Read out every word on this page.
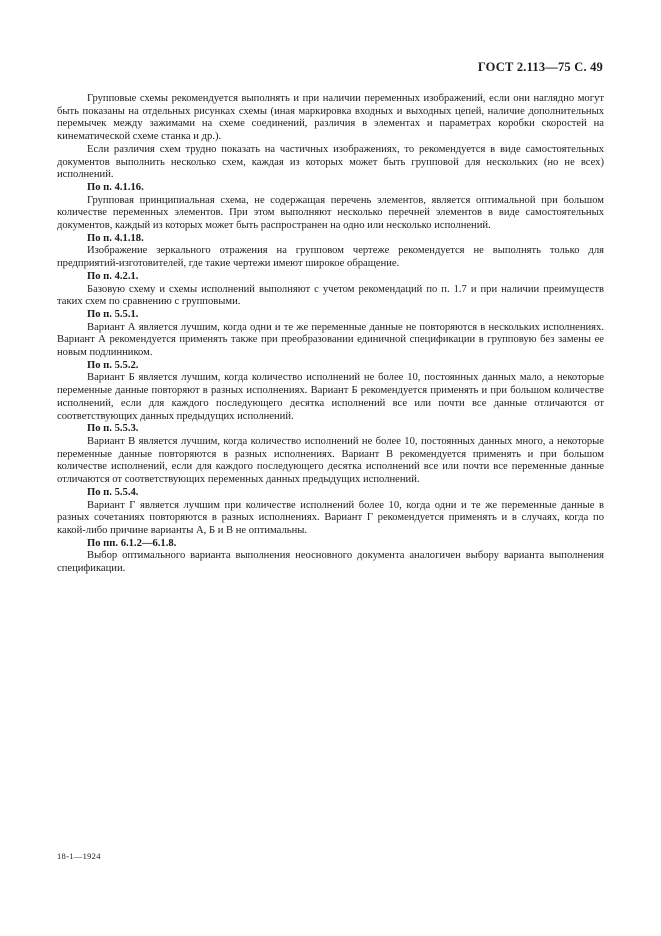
ГОСТ 2.113—75 С. 49

Групповые схемы рекомендуется выполнять и при наличии переменных изображений, если они наглядно могут быть показаны на отдельных рисунках схемы (иная маркировка входных и выходных цепей, наличие дополнительных перемычек между зажимами на схеме соединений, различия в элементах и параметрах коробки скоростей на кинематической схеме станка и др.).

Если различия схем трудно показать на частичных изображениях, то рекомендуется в виде самостоятельных документов выполнить несколько схем, каждая из которых может быть групповой для нескольких (но не всех) исполнений.

По п. 4.1.16.

Групповая принципиальная схема, не содержащая перечень элементов, является оптимальной при большом количестве переменных элементов. При этом выполняют несколько перечней элементов в виде самостоятельных документов, каждый из которых может быть распространен на одно или несколько исполнений.

По п. 4.1.18.

Изображение зеркального отражения на групповом чертеже рекомендуется не выполнять только для предприятий-изготовителей, где такие чертежи имеют широкое обращение.

По п. 4.2.1.

Базовую схему и схемы исполнений выполняют с учетом рекомендаций по п. 1.7 и при наличии преимуществ таких схем по сравнению с групповыми.

По п. 5.5.1.

Вариант А является лучшим, когда одни и те же переменные данные не повторяются в нескольких исполнениях. Вариант А рекомендуется применять также при преобразовании единичной спецификации в групповую без замены ее новым подлинником.

По п. 5.5.2.

Вариант Б является лучшим, когда количество исполнений не более 10, постоянных данных мало, а некоторые переменные данные повторяют в разных исполнениях. Вариант Б рекомендуется применять и при большом количестве исполнений, если для каждого последующего десятка исполнений все или почти все данные отличаются от соответствующих данных предыдущих исполнений.

По п. 5.5.3.

Вариант В является лучшим, когда количество исполнений не более 10, постоянных данных много, а некоторые переменные данные повторяются в разных исполнениях. Вариант В рекомендуется применять и при большом количестве исполнений, если для каждого последующего десятка исполнений все или почти все переменные данные отличаются от соответствующих переменных данных предыдущих исполнений.

По п. 5.5.4.

Вариант Г является лучшим при количестве исполнений более 10, когда одни и те же переменные данные в разных сочетаниях повторяются в разных исполнениях. Вариант Г рекомендуется применять и в случаях, когда по какой-либо причине варианты А, Б и В не оптимальны.

По пп. 6.1.2—6.1.8.

Выбор оптимального варианта выполнения неосновного документа аналогичен выбору варианта выполнения спецификации.

18-1—1924
